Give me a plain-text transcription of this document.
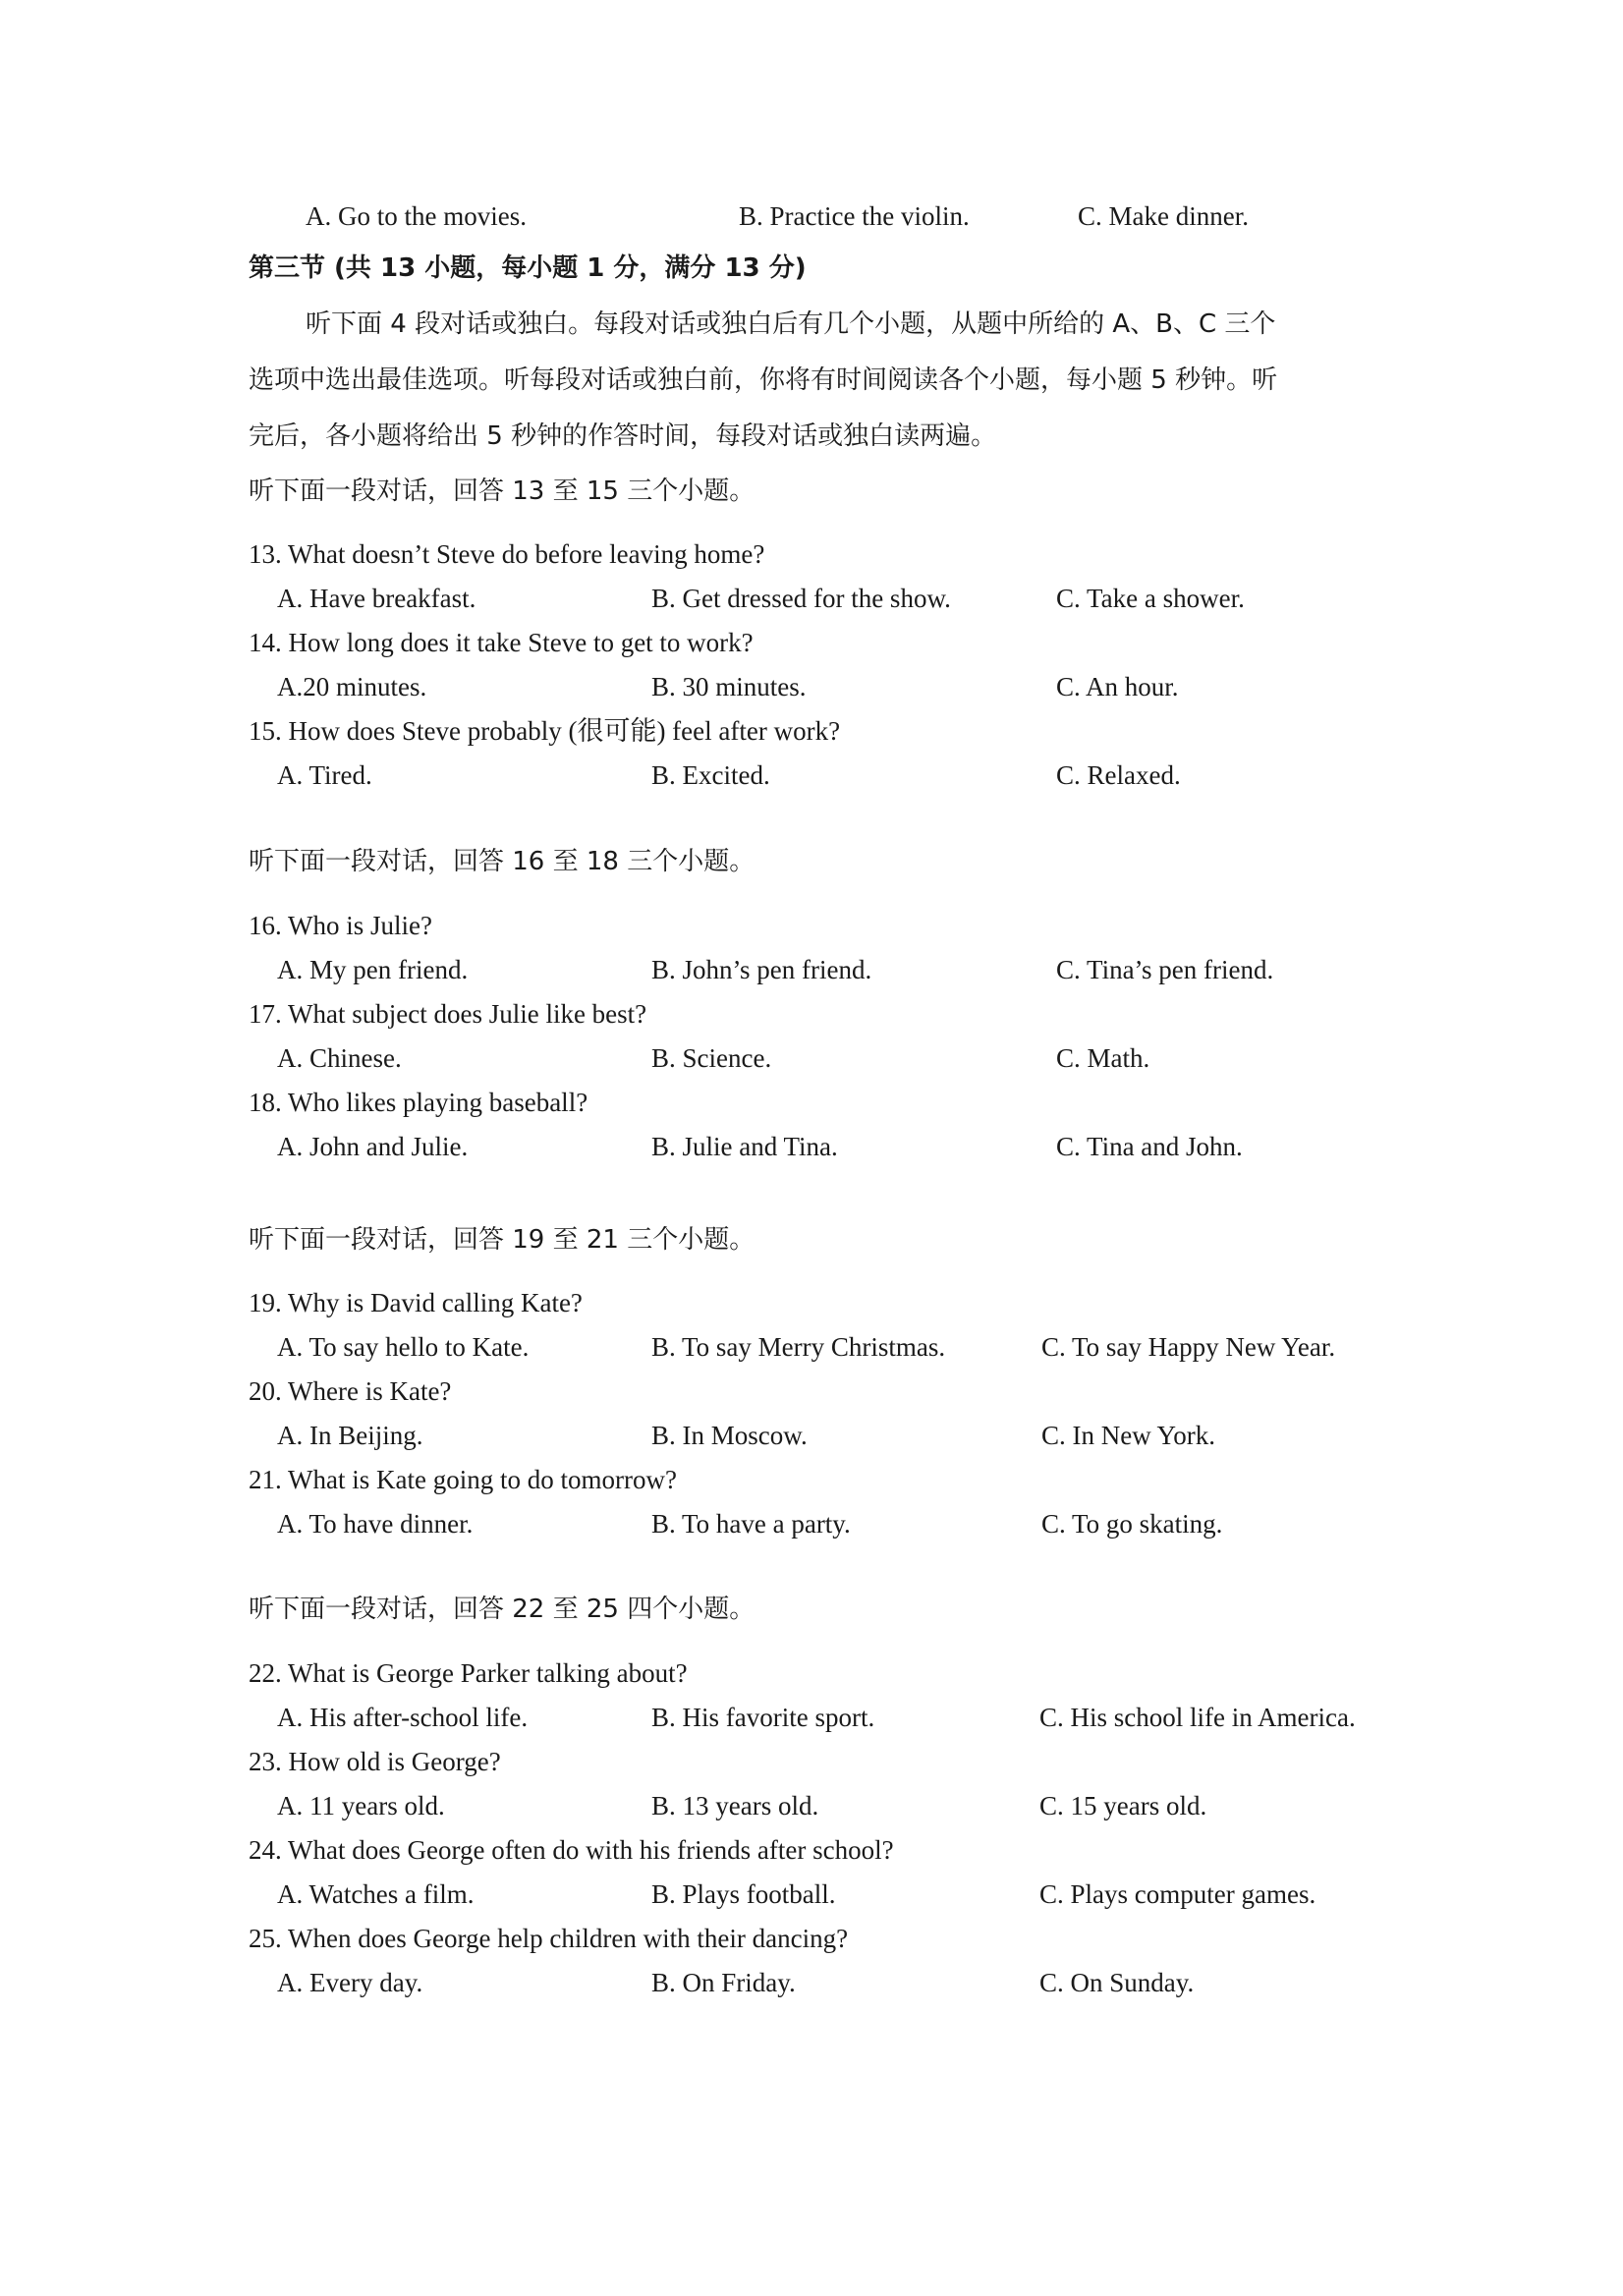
A. Go to the movies.	B. Practice the violin.	C. Make dinner.
第三节 (共 13 小题，每小题 1 分，满分 13 分)
听下面 4 段对话或独白。每段对话或独白后有几个小题，从题中所给的 A、B、C 三个
选项中选出最佳选项。听每段对话或独白前，你将有时间阅读各个小题，每小题 5 秒钟。听
完后，各小题将给出 5 秒钟的作答时间，每段对话或独白读两遍。
听下面一段对话，回答 13 至 15 三个小题。
13. What doesn’t Steve do before leaving home?
A. Have breakfast.	B. Get dressed for the show.	C. Take a shower.
14. How long does it take Steve to get to work?
A.20 minutes.	B. 30 minutes.	C. An hour.
15. How does Steve probably (很可能) feel after work?
A. Tired.	B. Excited.	C. Relaxed.
听下面一段对话，回答 16 至 18 三个小题。
16. Who is Julie?
A. My pen friend.	B. John’s pen friend.	C. Tina’s pen friend.
17. What subject does Julie like best?
A. Chinese.	B. Science.	C. Math.
18. Who likes playing baseball?
A. John and Julie.	B. Julie and Tina.	C. Tina and John.
听下面一段对话，回答 19 至 21 三个小题。
19. Why is David calling Kate?
A. To say hello to Kate.	B. To say Merry Christmas.	C. To say Happy New Year.
20. Where is Kate?
A. In Beijing.	B. In Moscow.	C. In New York.
21. What is Kate going to do tomorrow?
A. To have dinner.	B. To have a party.	C. To go skating.
听下面一段对话，回答 22 至 25 四个小题。
22. What is George Parker talking about?
A. His after-school life.	B. His favorite sport.	C. His school life in America.
23. How old is George?
A. 11 years old.	B. 13 years old.	C. 15 years old.
24. What does George often do with his friends after school?
A. Watches a film.	B. Plays football.	C. Plays computer games.
25. When does George help children with their dancing?
A. Every day.	B. On Friday.	C. On Sunday.
